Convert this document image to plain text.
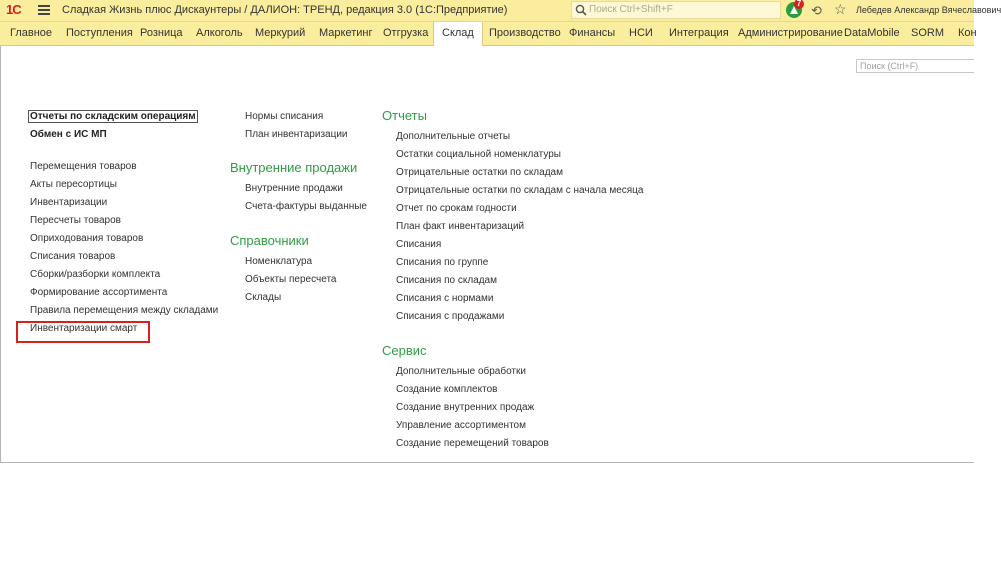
1С	Сладкая Жизнь плюс Дискаунтеры / ДАЛИОН: ТРЕНД, редакция 3.0 (1С:Предприятие)	Поиск Ctrl+Shift+F
7 ⟲ ☆ Лебедев Александр Вячеславович
Главное Поступления Розница Алкоголь Меркурий Маркетинг Отгрузка	Склад	Производство Финансы НСИ Интеграция Администрирование DataMobile SORM Кон
Поиск (Ctrl+F)
Отчеты по складским операциям
Обмен с ИС МП
Перемещения товаров
Акты пересортицы
Инвентаризации
Пересчеты товаров
Оприходования товаров
Списания товаров
Сборки/разборки комплекта
Формирование ассортимента
Правила перемещения между складами
Инвентаризации смарт
Нормы списания
План инвентаризации
Внутренние продажи
Внутренние продажи
Счета-фактуры выданные
Справочники
Номенклатура
Объекты пересчета
Склады
Отчеты
Дополнительные отчеты
Остатки социальной номенклатуры
Отрицательные остатки по складам
Отрицательные остатки по складам с начала месяца
Отчет по срокам годности
План факт инвентаризаций
Списания
Списания по группе
Списания по складам
Списания с нормами
Списания с продажами
Сервис
Дополнительные обработки
Создание комплектов
Создание внутренних продаж
Управление ассортиментом
Создание перемещений товаров
